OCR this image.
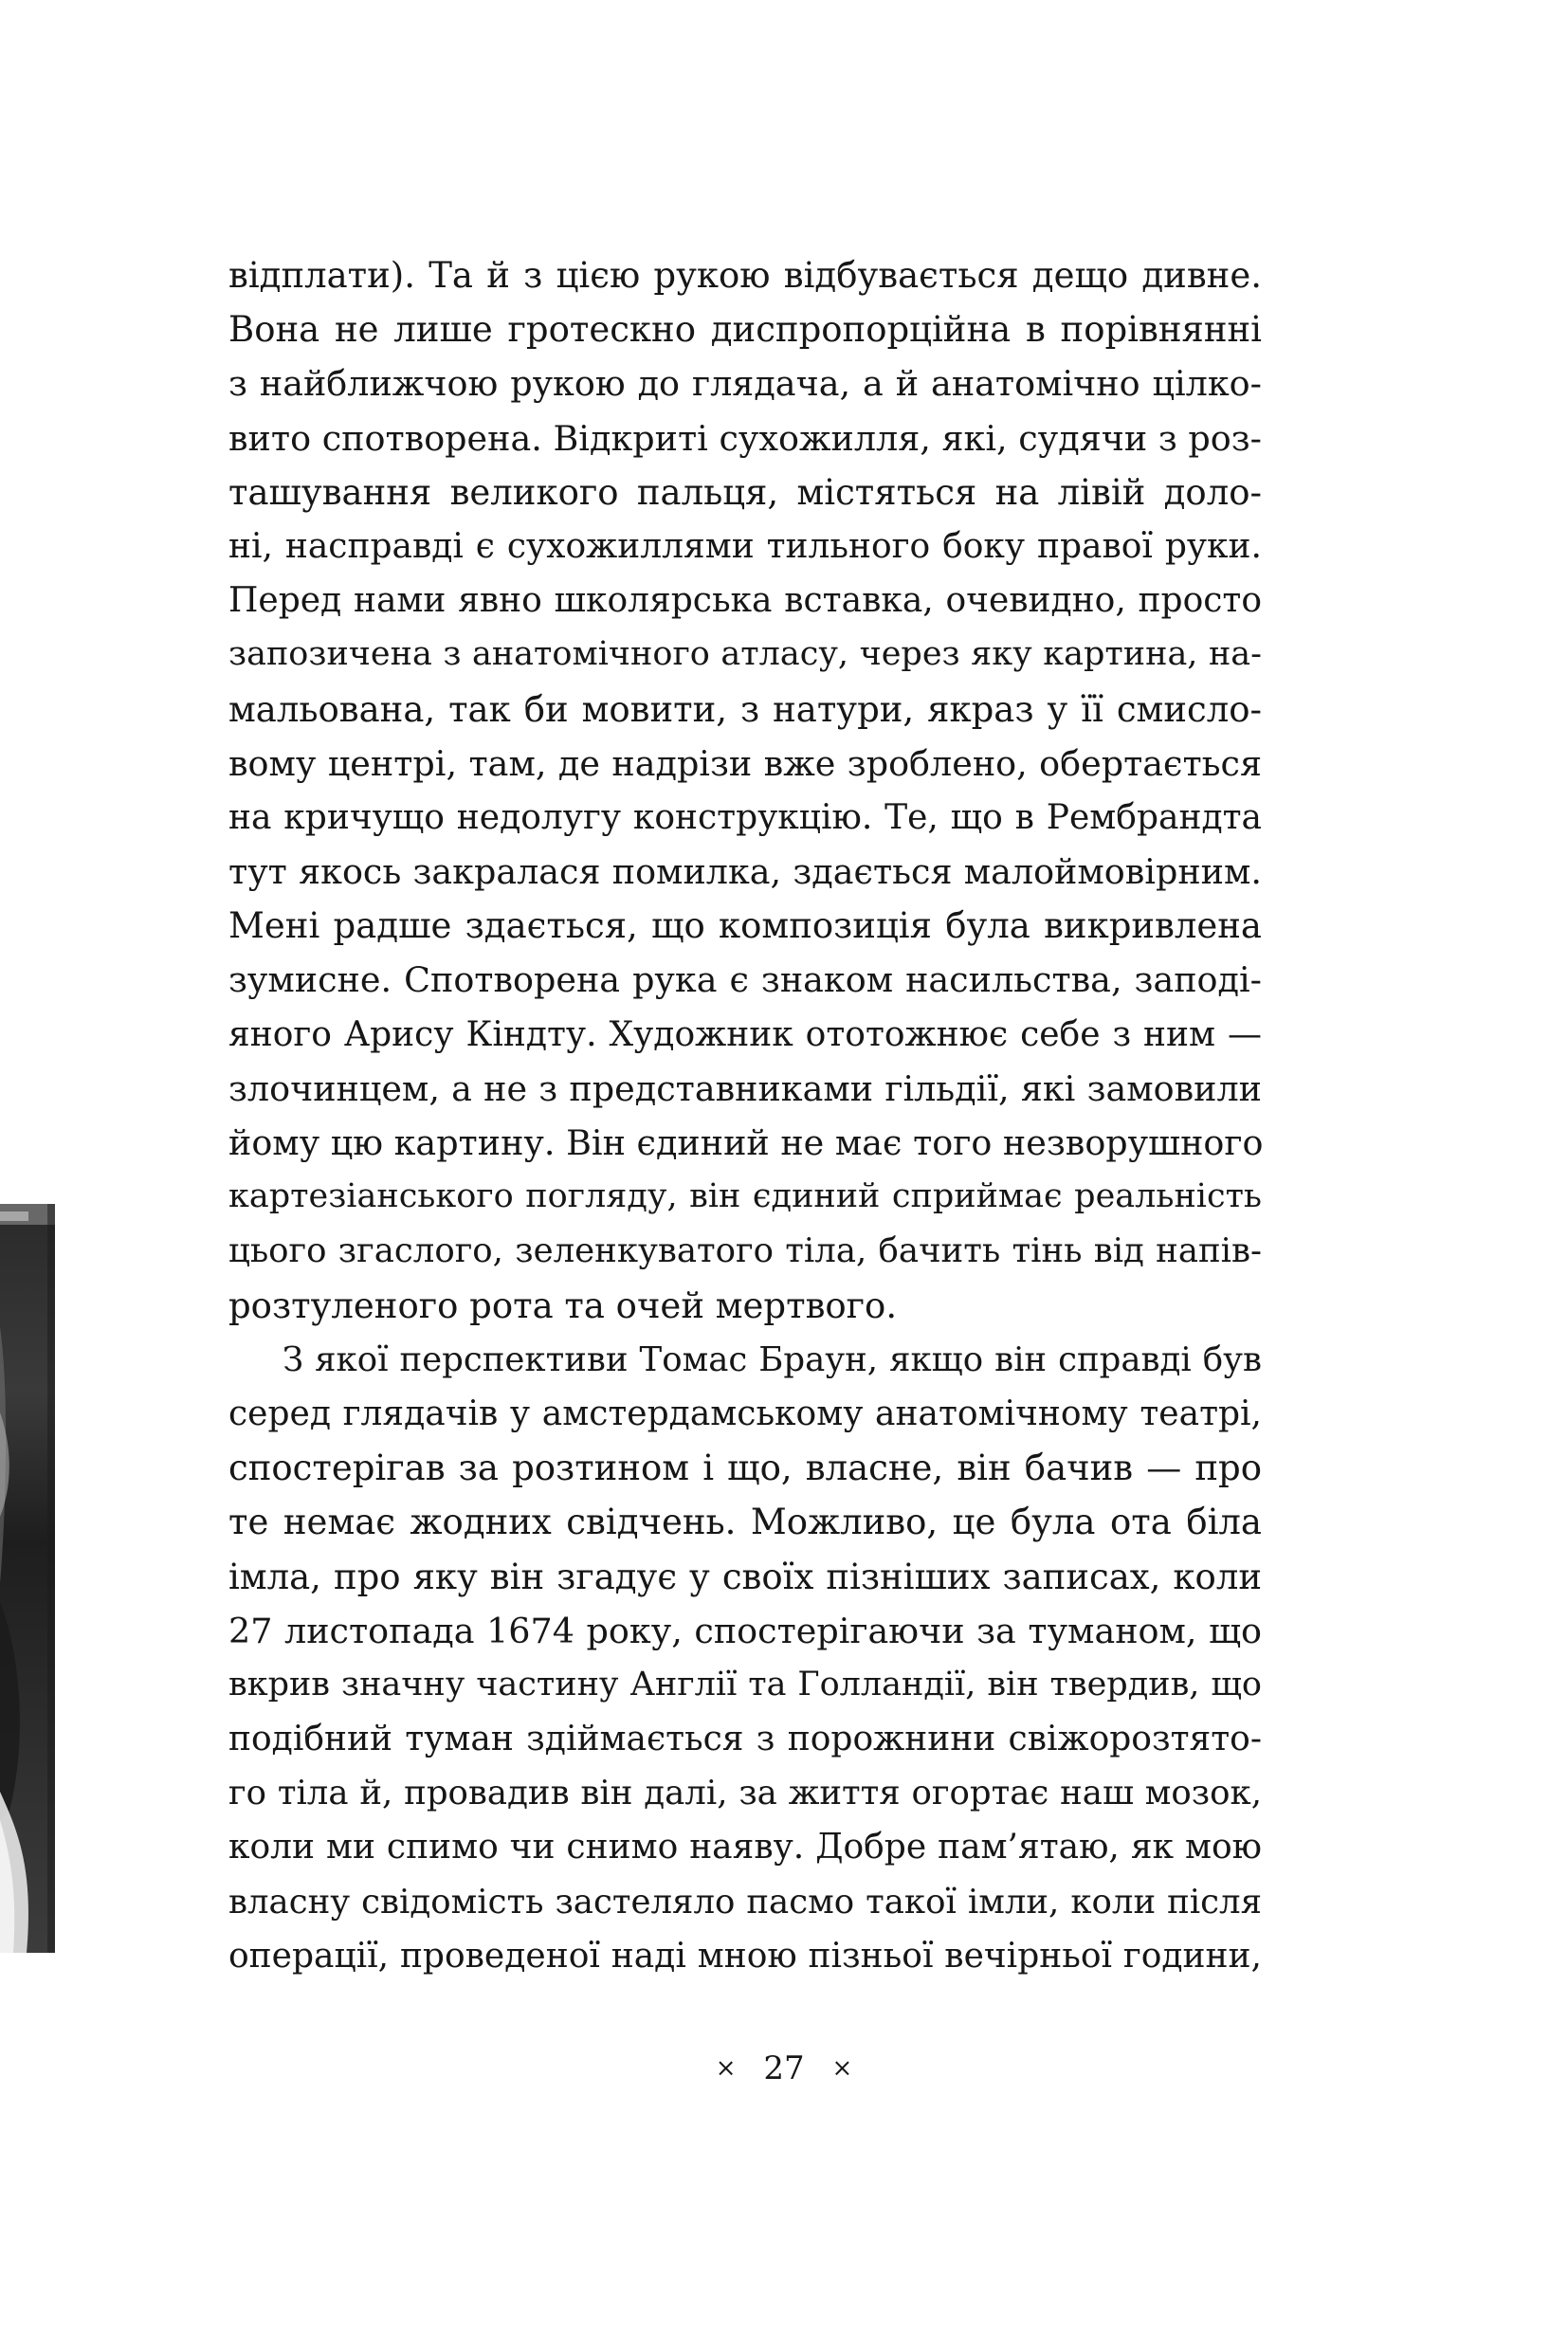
відплати). Та й з цією рукою відбувається дещо дивне.
Вона не лише гротескно диспропорційна в порівнянні
з найближчою рукою до глядача, а й анатомічно цілко-
вито спотворена. Відкриті сухожилля, які, судячи з роз-
ташування великого пальця, містяться на лівій доло-
ні, насправді є сухожиллями тильного боку правої руки.
Перед нами явно школярська вставка, очевидно, просто
запозичена з анатомічного атласу, через яку картина, на-
мальована, так би мовити, з натури, якраз у її смисло-
вому центрі, там, де надрізи вже зроблено, обертається
на кричущо недолугу конструкцію. Те, що в Рембрандта
тут якось закралася помилка, здається малоймовірним.
Мені радше здається, що композиція була викривлена
зумисне. Спотворена рука є знаком насильства, заподі-
яного Арису Кіндту. Художник ототожнює себе з ним —
злочинцем, а не з представниками гільдії, які замовили
йому цю картину. Він єдиний не має того незворушного
картезіанського погляду, він єдиний сприймає реальність
цього згаслого, зеленкуватого тіла, бачить тінь від напів-
розтуленого рота та очей мертвого.
З якої перспективи Томас Браун, якщо він справді був
серед глядачів у амстердамському анатомічному театрі,
спостерігав за розтином і що, власне, він бачив — про
те немає жодних свідчень. Можливо, це була ота біла
імла, про яку він згадує у своїх пізніших записах, коли
27 листопада 1674 року, спостерігаючи за туманом, що
вкрив значну частину Англії та Голландії, він твердив, що
подібний туман здіймається з порожнини свіжорозтято-
го тіла й, провадив він далі, за життя огортає наш мозок,
коли ми спимо чи снимо наяву. Добре пам’ятаю, як мою
власну свідомість застеляло пасмо такої імли, коли після
операції, проведеної наді мною пізньої вечірньої години,
× 27 ×
